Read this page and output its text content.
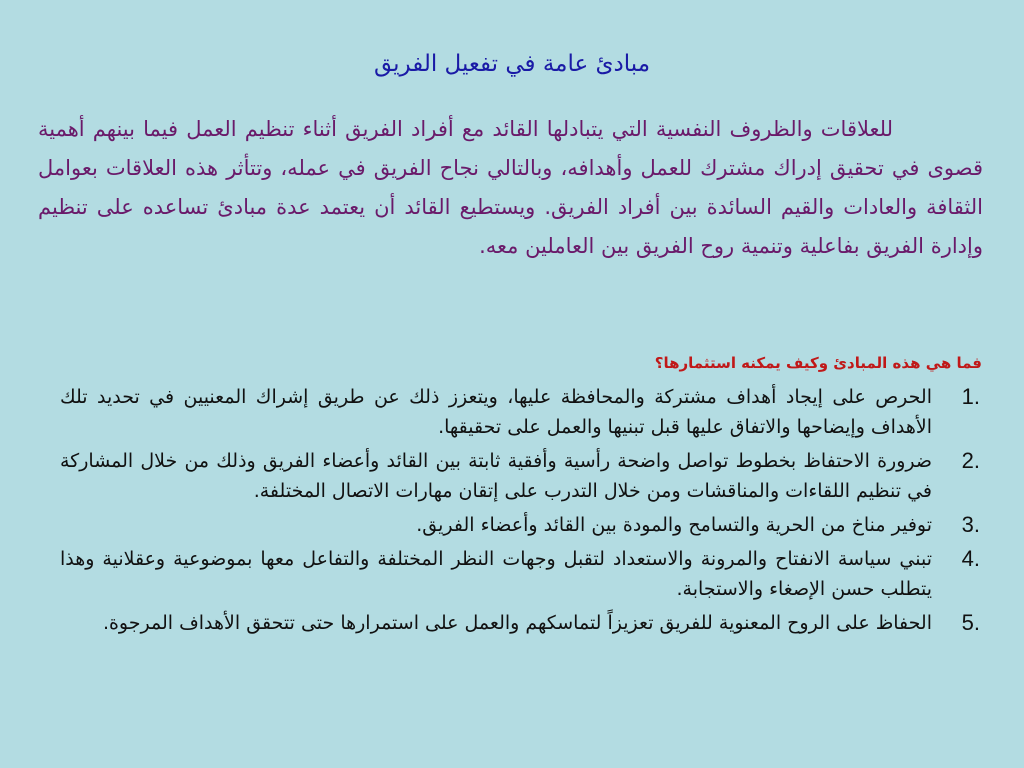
مبادئ عامة في تفعيل الفريق

للعلاقات والظروف النفسية التي يتبادلها القائد مع أفراد الفريق أثناء تنظيم العمل فيما بينهم أهمية قصوى في تحقيق إدراك مشترك للعمل وأهدافه، وبالتالي نجاح الفريق في عمله، وتتأثر هذه العلاقات بعوامل الثقافة والعادات والقيم السائدة بين أفراد الفريق. ويستطيع القائد أن يعتمد عدة مبادئ تساعده على تنظيم وإدارة الفريق بفاعلية وتنمية روح الفريق بين العاملين معه.

فما هي هذه المبادئ وكيف يمكنه استثمارها؟
1.
الحرص على إيجاد أهداف مشتركة والمحافظة عليها، ويتعزز ذلك عن طريق إشراك المعنيين في تحديد تلك الأهداف وإيضاحها والاتفاق عليها قبل تبنيها والعمل على تحقيقها.
2.
ضرورة الاحتفاظ بخطوط تواصل واضحة رأسية وأفقية ثابتة بين القائد وأعضاء الفريق وذلك من خلال المشاركة في تنظيم اللقاءات والمناقشات ومن خلال التدرب على إتقان مهارات الاتصال المختلفة.
3.
توفير مناخ من الحرية والتسامح والمودة بين القائد وأعضاء الفريق.
4.
تبني سياسة الانفتاح والمرونة والاستعداد لتقبل وجهات النظر المختلفة والتفاعل معها بموضوعية وعقلانية وهذا يتطلب حسن الإصغاء والاستجابة.
5.
الحفاظ على الروح المعنوية للفريق تعزيزاً لتماسكهم والعمل على استمرارها حتى تتحقق الأهداف المرجوة.
